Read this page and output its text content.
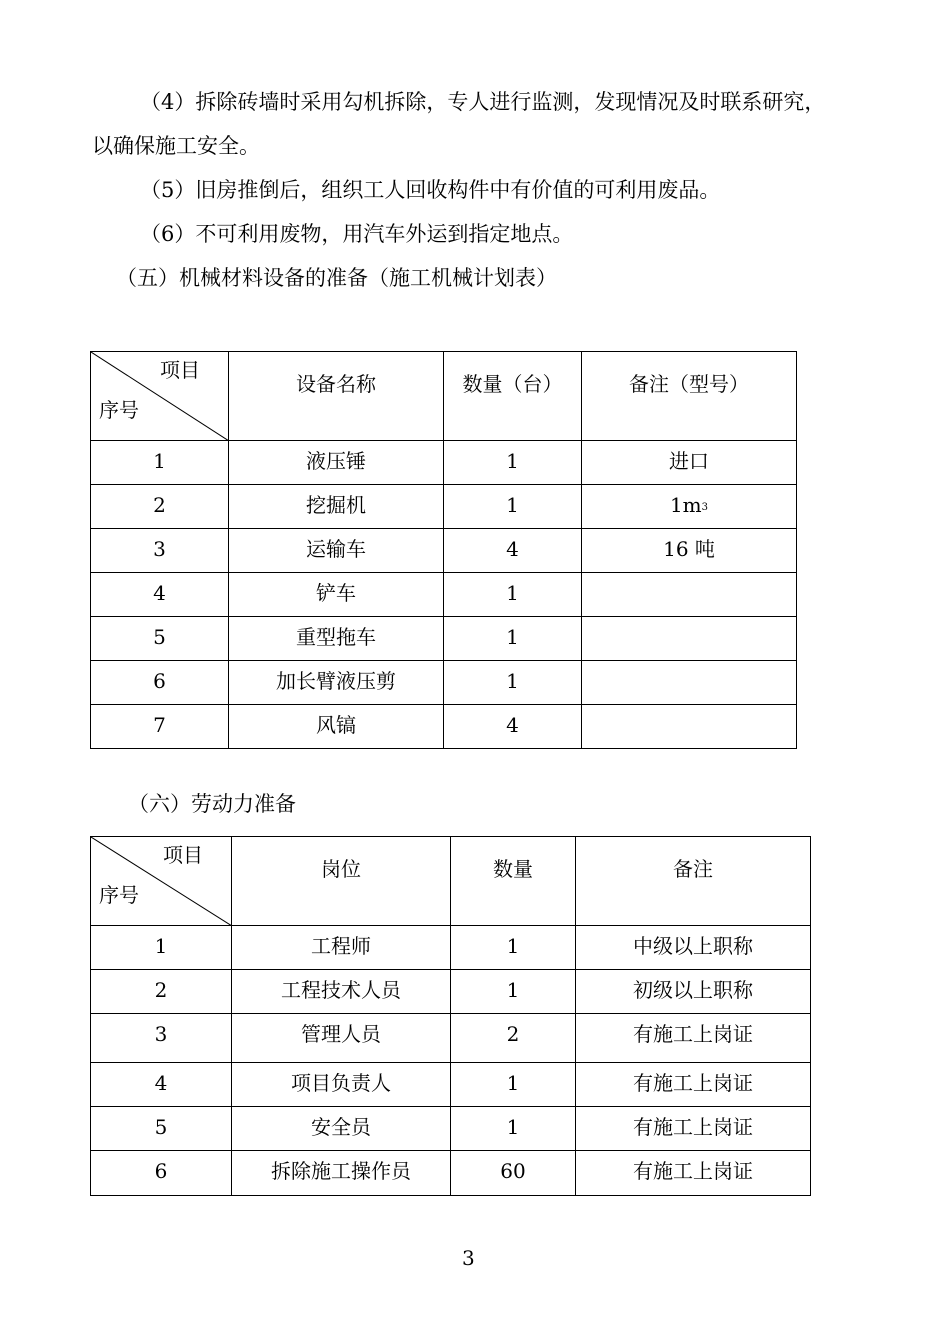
（4）拆除砖墙时采用勾机拆除，专人进行监测，发现情况及时联系研究，
以确保施工安全。
（5）旧房推倒后，组织工人回收构件中有价值的可利用废品。
（6）不可利用废物，用汽车外运到指定地点。
（五）机械材料设备的准备（施工机械计划表）
项目
序号	设备名称	数量（台）	备注（型号）
1	液压锤	1	进口
2	挖掘机	1	$1m^3$
3	运输车	4	16 吨
4	铲车	1	
5	重型拖车	1	
6	加长臂液压剪	1	
7	风镐	4	
（六）劳动力准备
项目
序号	岗位	数量	备注
1	工程师	1	中级以上职称
2	工程技术人员	1	初级以上职称
3	管理人员	2	有施工上岗证
4	项目负责人	1	有施工上岗证
5	安全员	1	有施工上岗证
6	拆除施工操作员	60	有施工上岗证
3
